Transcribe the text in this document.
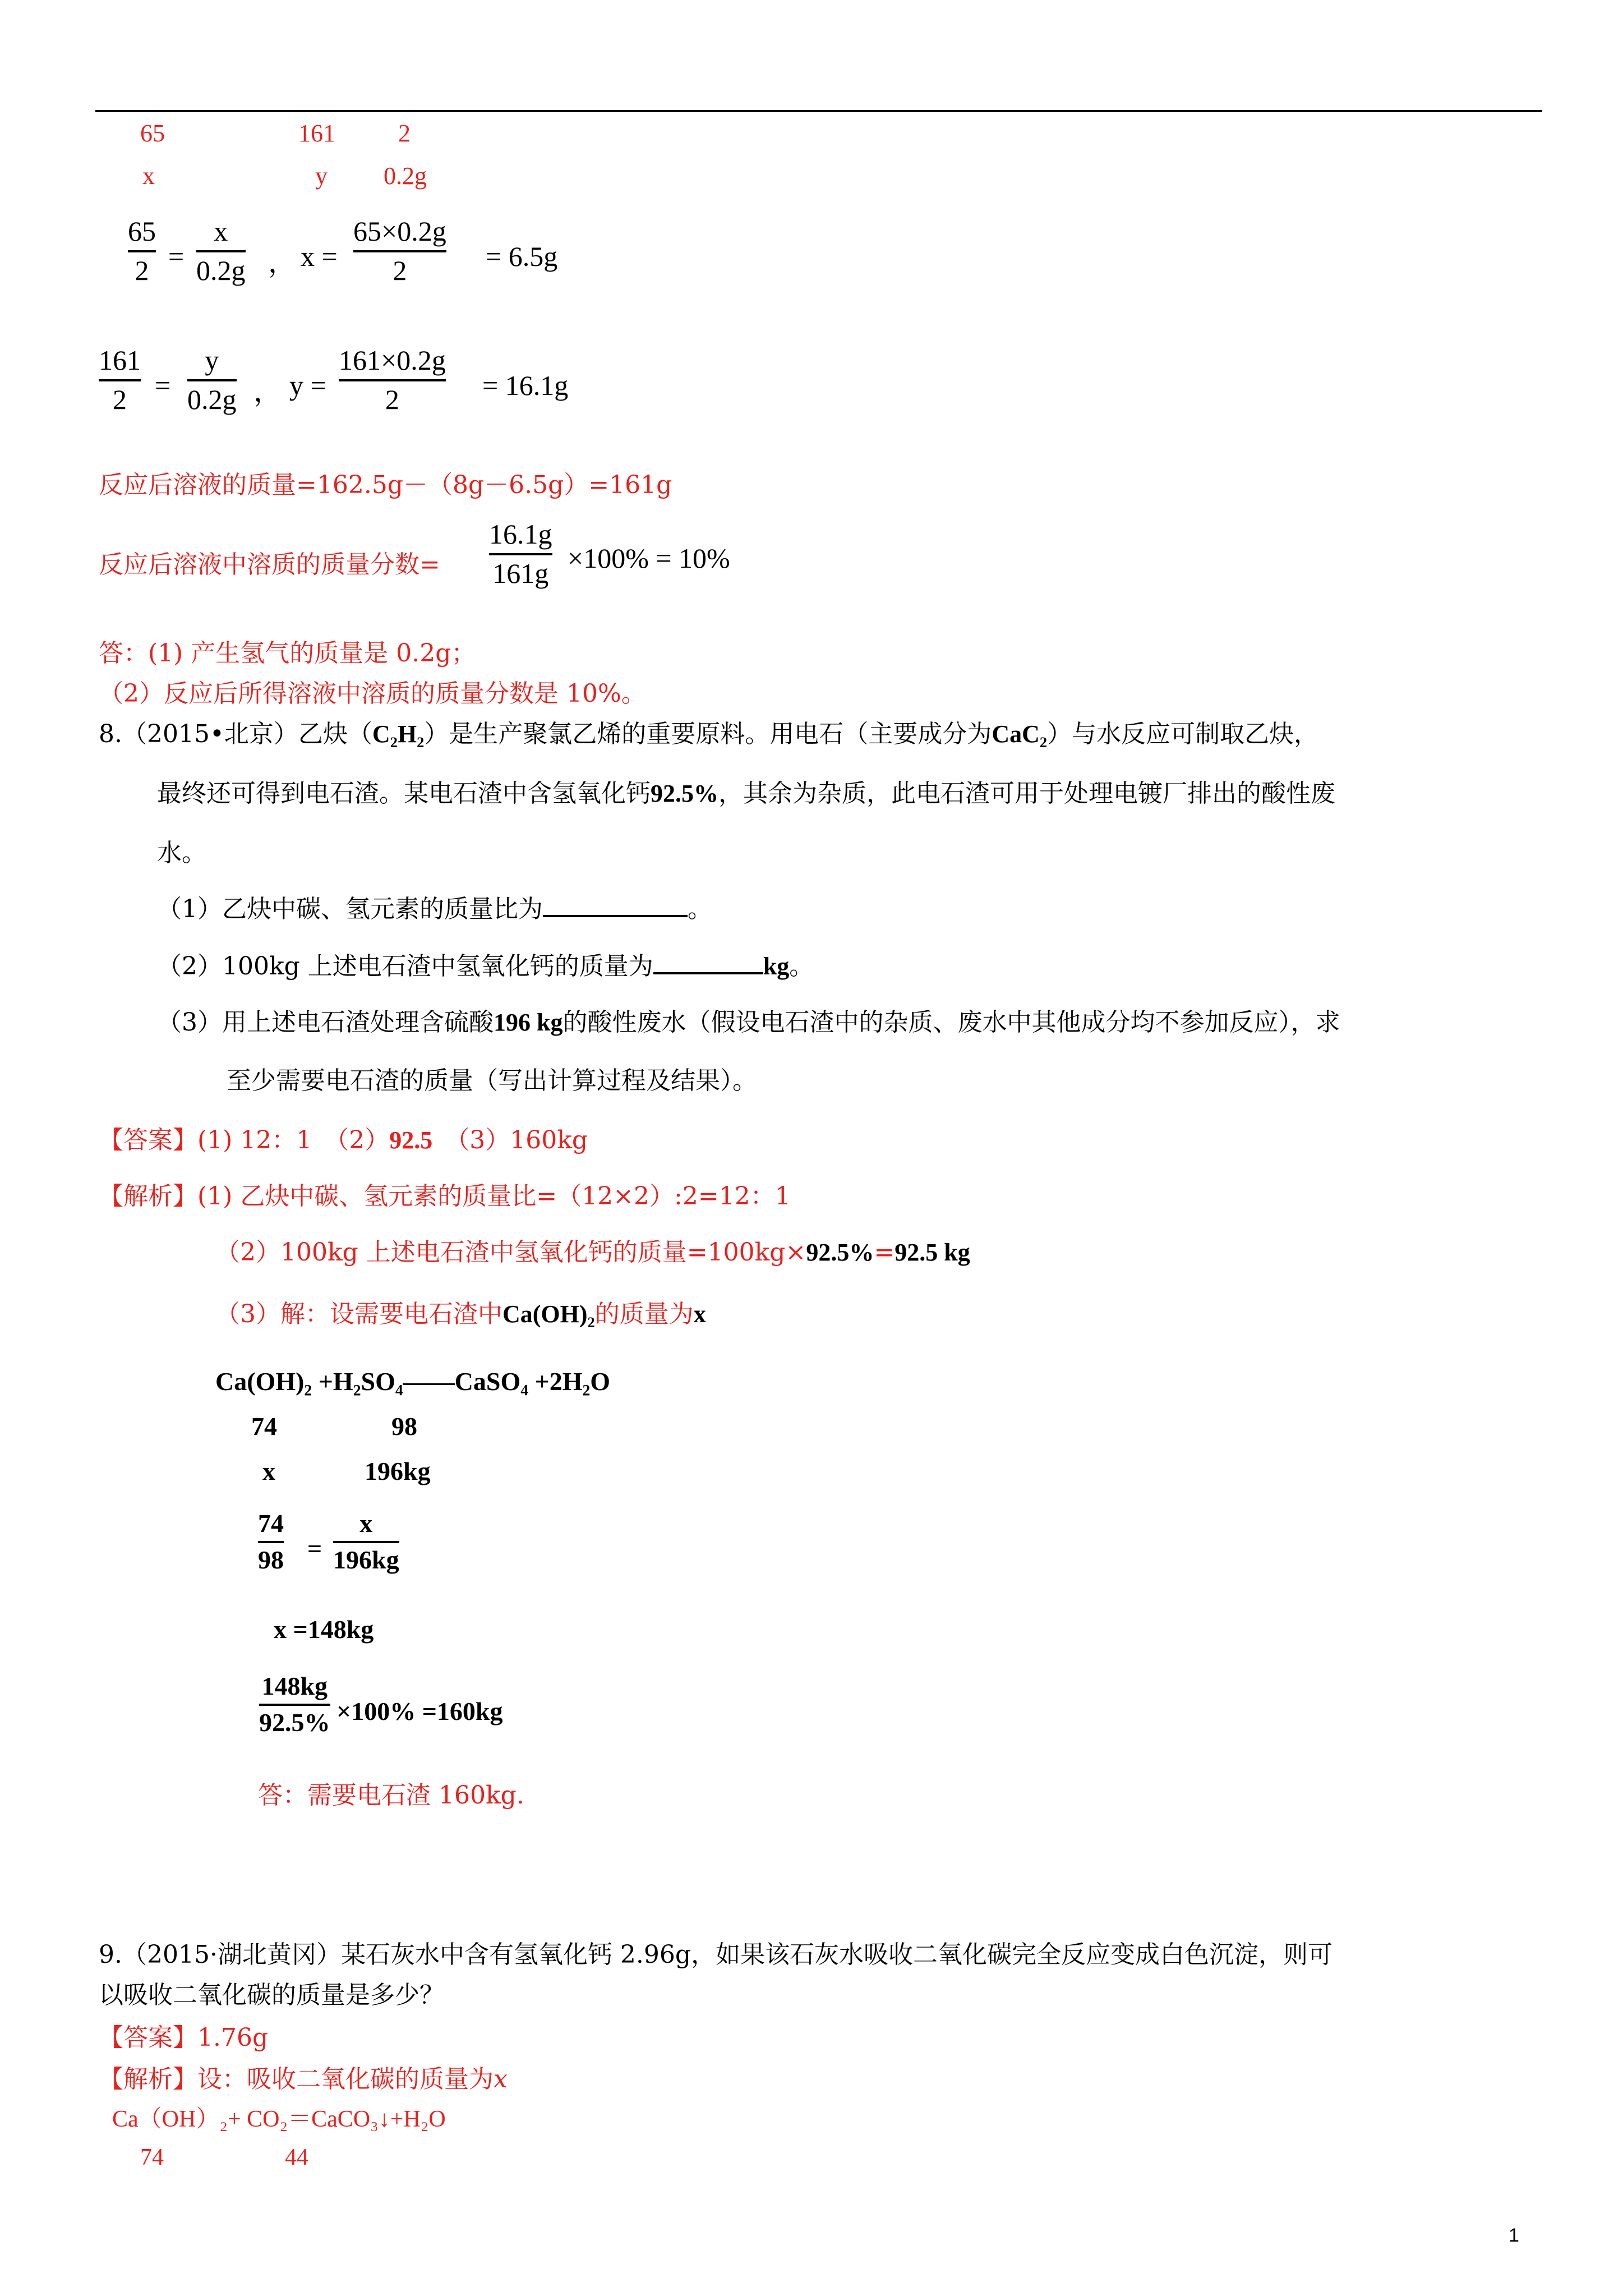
65	161	2
x	y 0.2g
65
2 =
x
0.2g ， x =
65×0.2g
2	= 6.5g
161
2	=
y
0.2g ， y =
161×0.2g
2	= 16.1g
反应后溶液的质量=162.5g－（8g－6.5g）=161g
反应后溶液中溶质的质量分数=
16.1g
161g ×100% = 10%
答：(1) 产生氢气的质量是 0.2g；
（2）反应后所得溶液中溶质的质量分数是 10%。
8.（2015•北京）乙炔（C₂H₂）是生产聚氯乙烯的重要原料。用电石（主要成分为CaC₂）与水反应可制取乙炔，
最终还可得到电石渣。某电石渣中含氢氧化钙92.5%，其余为杂质，此电石渣可用于处理电镀厂排出的酸性废
水。
（1）乙炔中碳、氢元素的质量比为	。
（2）100kg 上述电石渣中氢氧化钙的质量为	kg。
（3）用上述电石渣处理含硫酸196 kg的酸性废水（假设电石渣中的杂质、废水中其他成分均不参加反应），求
至少需要电石渣的质量（写出计算过程及结果）。
【答案】(1) 12：1　（2）92.5　（3）160kg
【解析】(1) 乙炔中碳、氢元素的质量比=（12×2）:2=12：1
（2）100kg 上述电石渣中氢氧化钙的质量=100kg×92.5%=92.5 kg
（3）解：设需要电石渣中Ca(OH)₂的质量为x
Ca(OH)₂ +H₂SO₄——CaSO₄ +2H₂O
74	98
x	196kg
74
98 =
x
196kg
x =148kg
148kg
92.5% ×100% =160kg
答：需要电石渣 160kg.
9.（2015·湖北黄冈）某石灰水中含有氢氧化钙 2.96g，如果该石灰水吸收二氧化碳完全反应变成白色沉淀，则可
以吸收二氧化碳的质量是多少？
【答案】1.76g
【解析】设：吸收二氧化碳的质量为x
Ca（OH）₂+ CO₂＝CaCO₃↓+H₂O
74	44
1
